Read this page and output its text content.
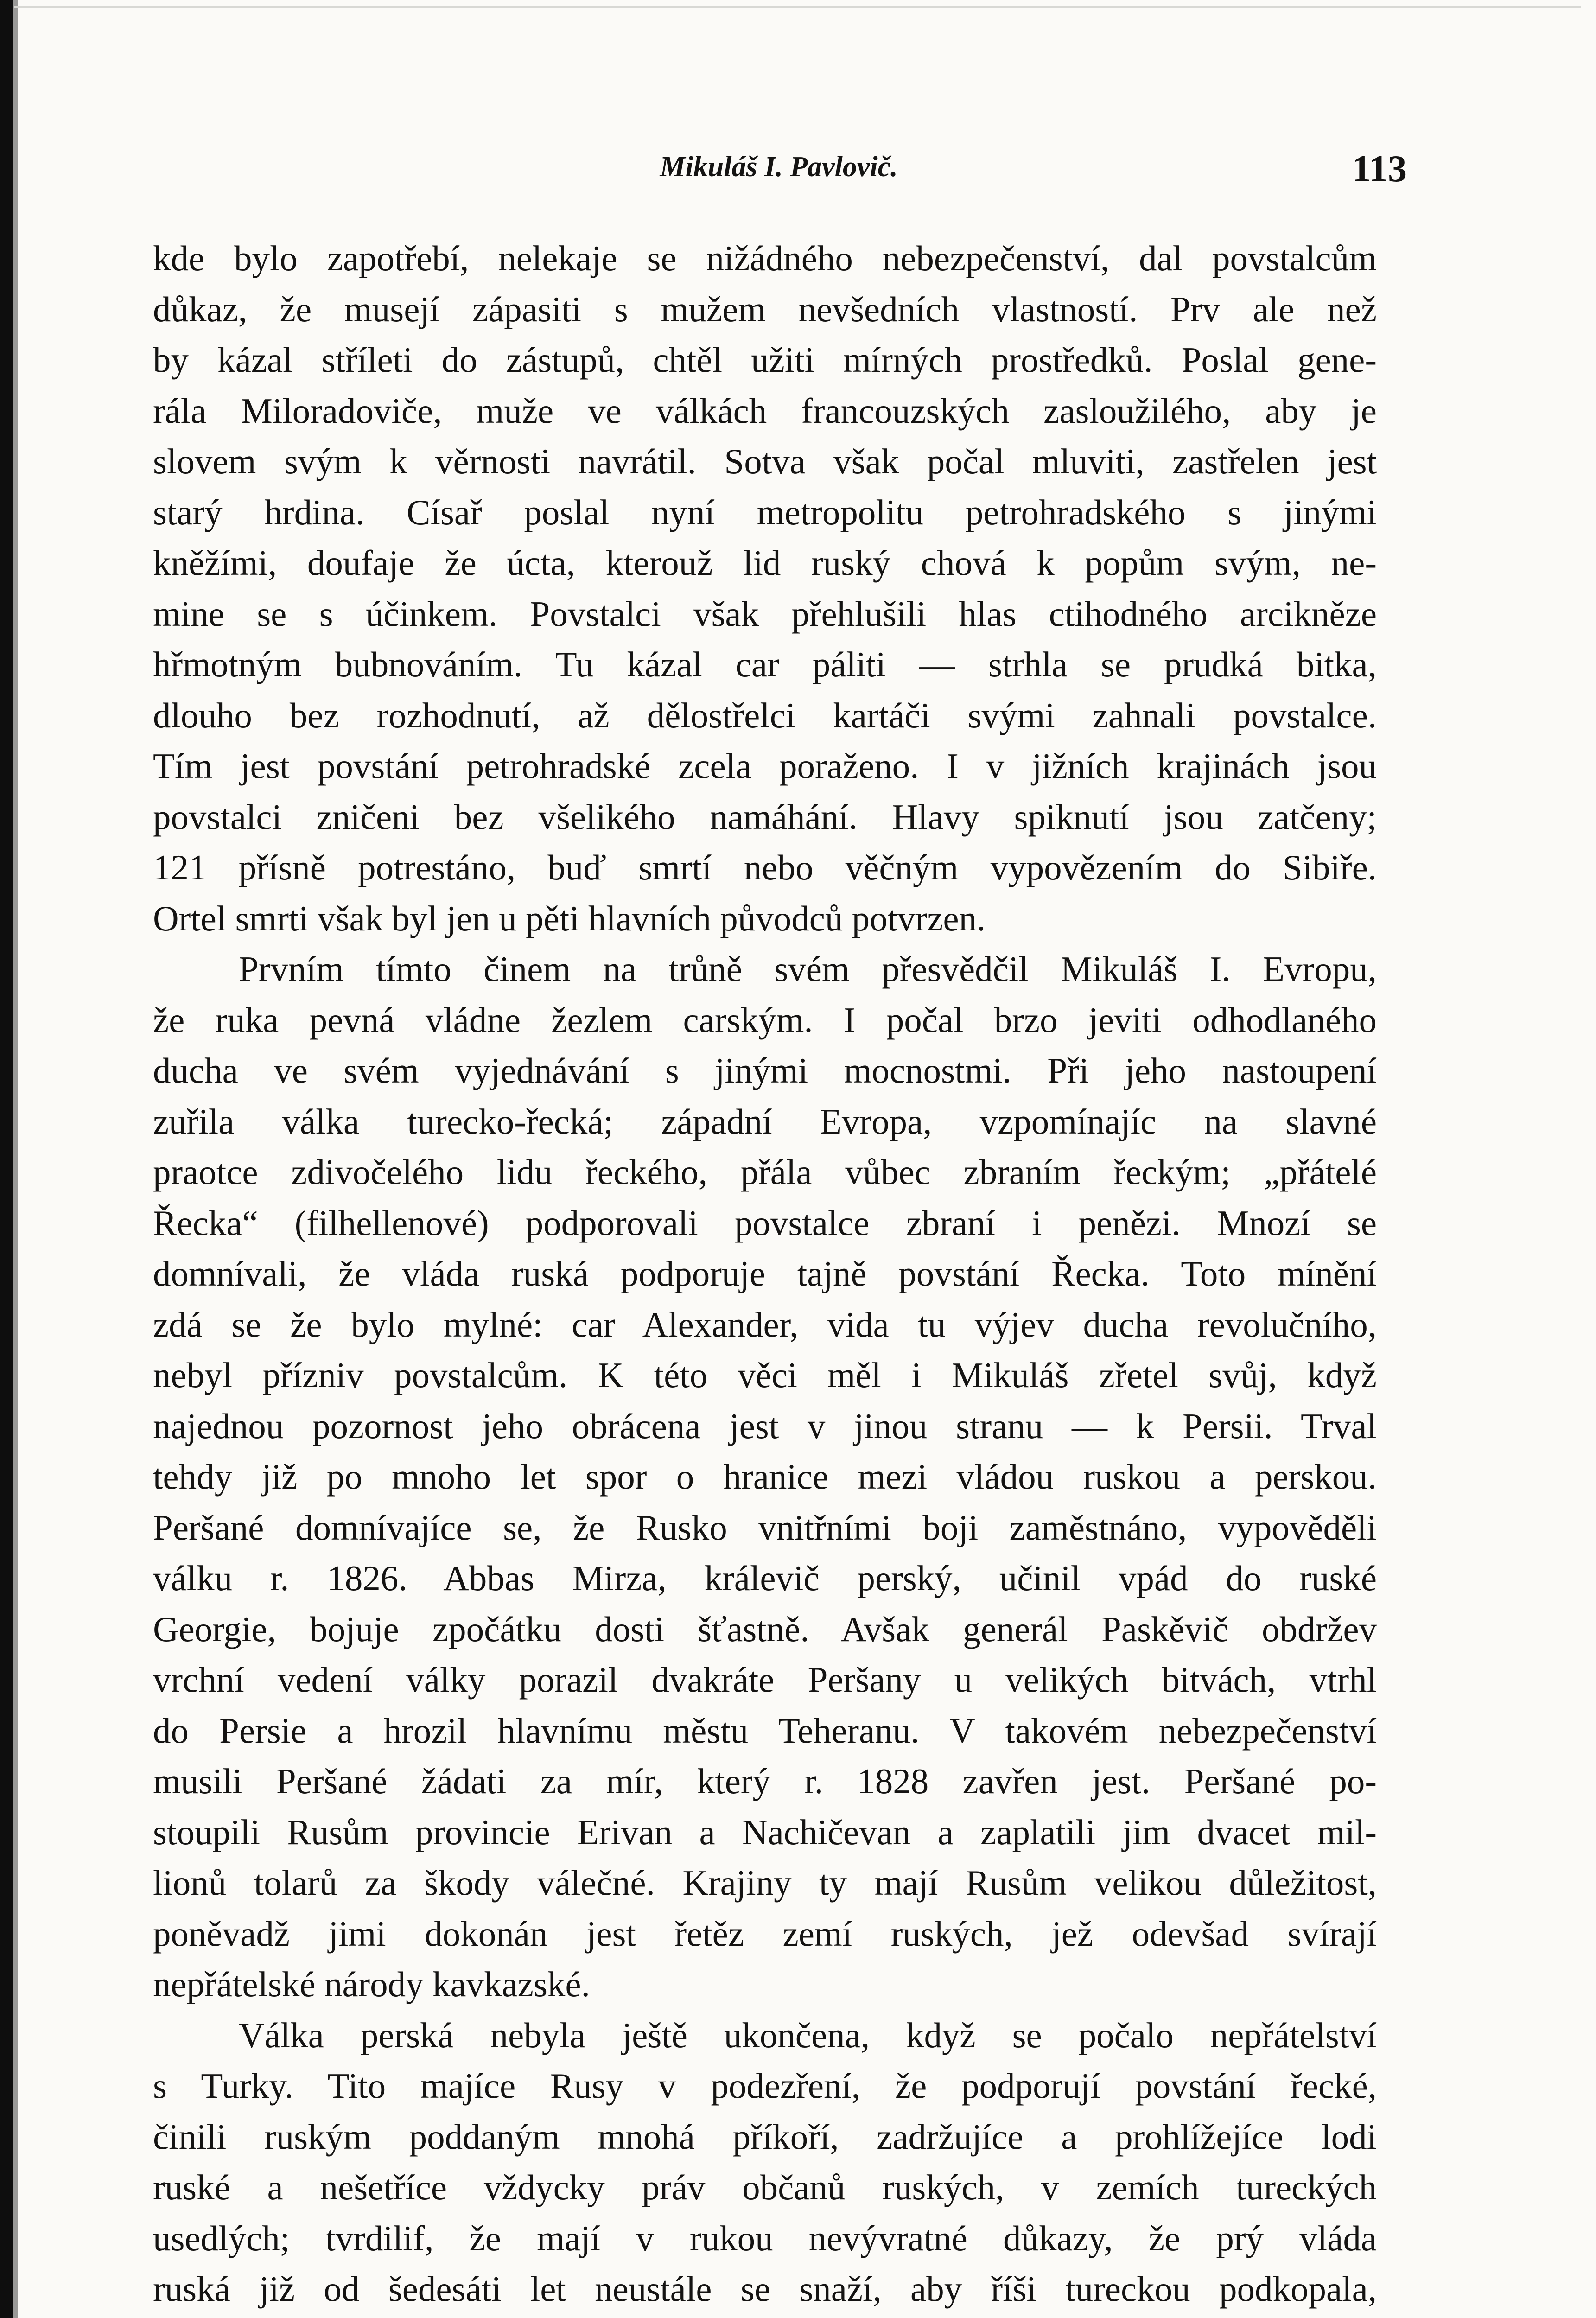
Mikuláš I. Pavlovič.	113
kde bylo zapotřebí, nelekaje se nižádného nebezpečenství, dal povstalcům
důkaz, že musejí zápasiti s mužem nevšedních vlastností. Prv ale než
by kázal stříleti do zástupů, chtěl užiti mírných prostředků. Poslal gene-
rála Miloradoviče, muže ve válkách francouzských zasloužilého, aby je
slovem svým k věrnosti navrátil. Sotva však počal mluviti, zastřelen jest
starý hrdina. Císař poslal nyní metropolitu petrohradského s jinými
kněžími, doufaje že úcta, kterouž lid ruský chová k popům svým, ne-
mine se s účinkem. Povstalci však přehlušili hlas ctihodného arcikněze
hřmotným bubnováním. Tu kázal car páliti — strhla se prudká bitka,
dlouho bez rozhodnutí, až dělostřelci kartáči svými zahnali povstalce.
Tím jest povstání petrohradské zcela poraženo. I v jižních krajinách jsou
povstalci zničeni bez všelikého namáhání. Hlavy spiknutí jsou zatčeny;
121 přísně potrestáno, buď smrtí nebo věčným vypovězením do Sibiře.
Ortel smrti však byl jen u pěti hlavních původců potvrzen.
Prvním tímto činem na trůně svém přesvědčil Mikuláš I. Evropu,
že ruka pevná vládne žezlem carským. I počal brzo jeviti odhodlaného
ducha ve svém vyjednávání s jinými mocnostmi. Při jeho nastoupení
zuřila válka turecko-řecká; západní Evropa, vzpomínajíc na slavné
praotce zdivočelého lidu řeckého, přála vůbec zbraním řeckým; „přátelé
Řecka“ (filhellenové) podporovali povstalce zbraní i penězi. Mnozí se
domnívali, že vláda ruská podporuje tajně povstání Řecka. Toto mínění
zdá se že bylo mylné: car Alexander, vida tu výjev ducha revolučního,
nebyl přízniv povstalcům. K této věci měl i Mikuláš zřetel svůj, když
najednou pozornost jeho obrácena jest v jinou stranu — k Persii. Trval
tehdy již po mnoho let spor o hranice mezi vládou ruskou a perskou.
Peršané domnívajíce se, že Rusko vnitřními boji zaměstnáno, vypověděli
válku r. 1826. Abbas Mirza, králevič perský, učinil vpád do ruské
Georgie, bojuje zpočátku dosti šťastně. Avšak generál Paskěvič obdržev
vrchní vedení války porazil dvakráte Peršany u velikých bitvách, vtrhl
do Persie a hrozil hlavnímu městu Teheranu. V takovém nebezpečenství
musili Peršané žádati za mír, který r. 1828 zavřen jest. Peršané po-
stoupili Rusům provincie Erivan a Nachičevan a zaplatili jim dvacet mil-
lionů tolarů za škody válečné. Krajiny ty mají Rusům velikou důležitost,
poněvadž jimi dokonán jest řetěz zemí ruských, jež odevšad svírají
nepřátelské národy kavkazské.
Válka perská nebyla ještě ukončena, když se počalo nepřátelství
s Turky. Tito majíce Rusy v podezření, že podporují povstání řecké,
činili ruským poddaným mnohá příkoří, zadržujíce a prohlížejíce lodi
ruské a nešetříce vždycky práv občanů ruských, v zemích tureckých
usedlých; tvrdilif, že mají v rukou nevývratné důkazy, že prý vláda
ruská již od šedesáti let neustále se snaží, aby říši tureckou podkopala,
